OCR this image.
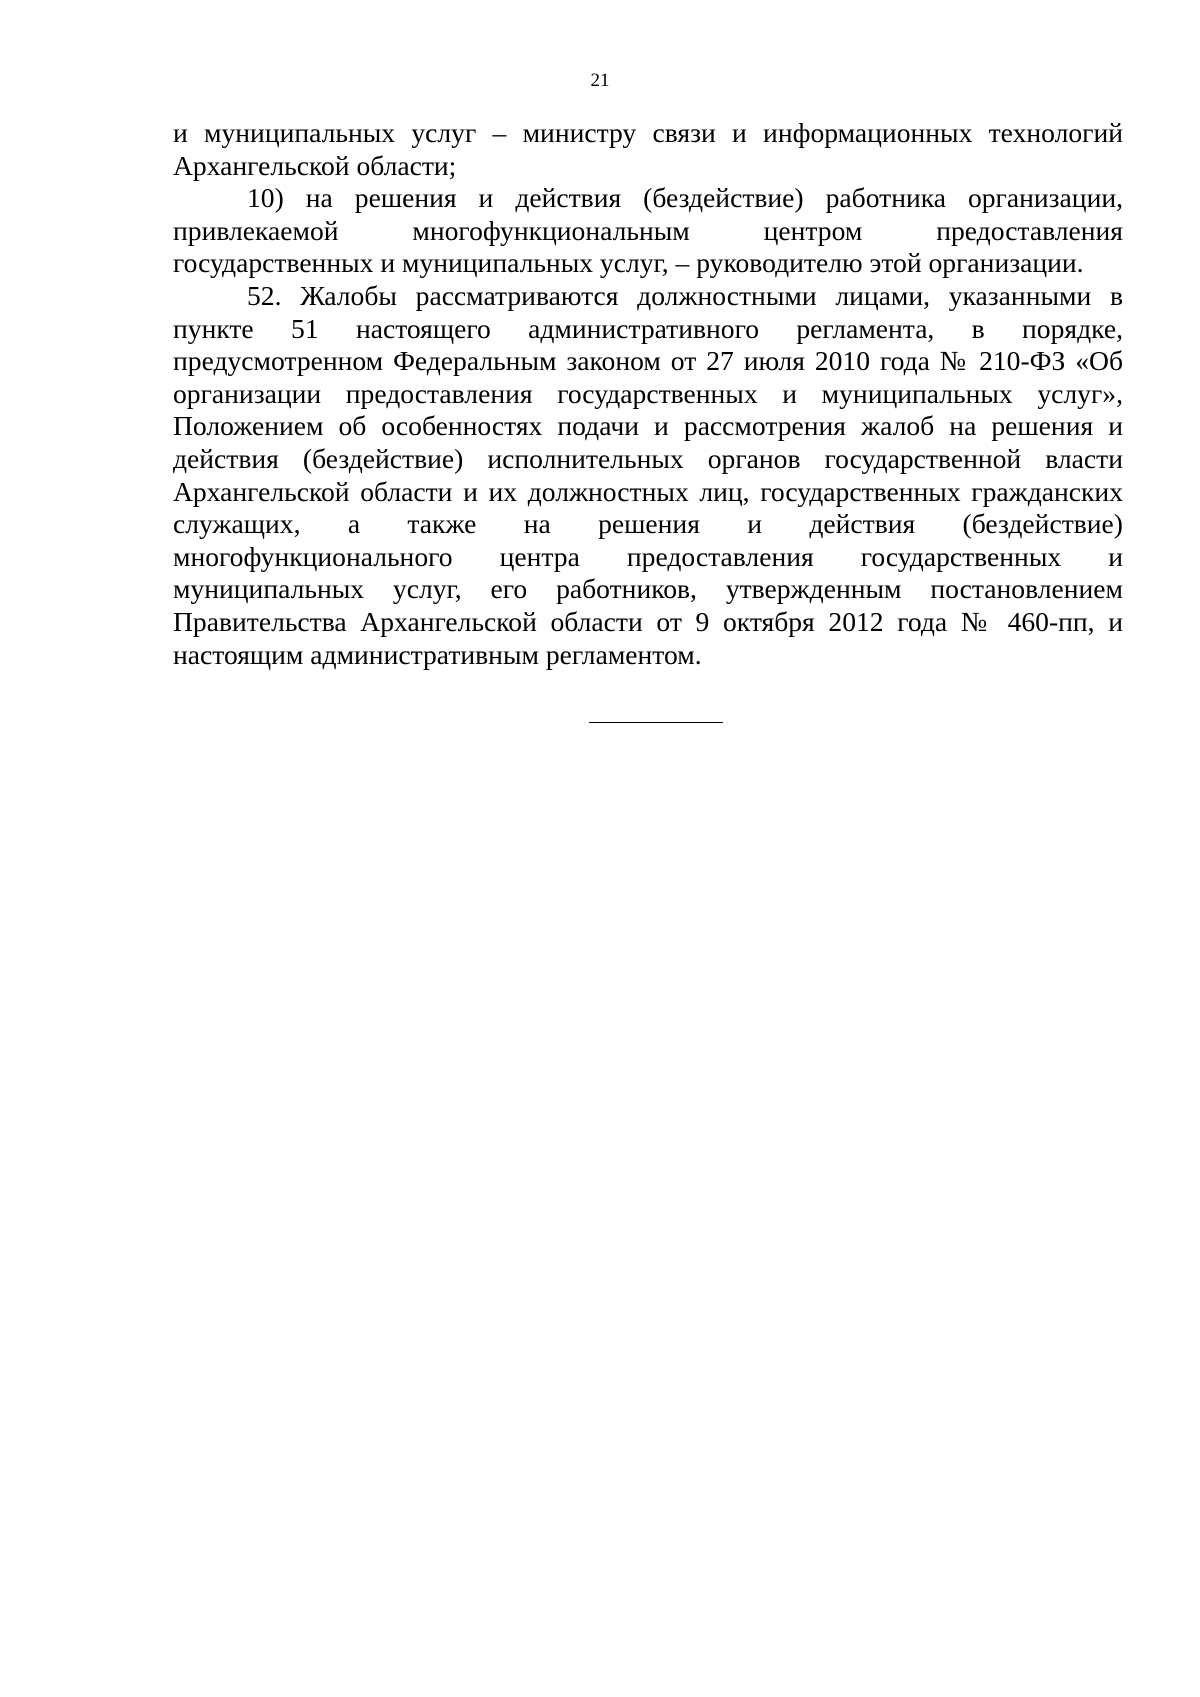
21

и муниципальных услуг – министру связи и информационных технологий Архангельской области;

10) на решения и действия (бездействие) работника организации, привлекаемой многофункциональным центром предоставления государственных и муниципальных услуг, – руководителю этой организации.

52. Жалобы рассматриваются должностными лицами, указанными в пункте 51 настоящего административного регламента, в порядке, предусмотренном Федеральным законом от 27 июля 2010 года № 210-ФЗ «Об организации предоставления государственных и муниципальных услуг», Положением об особенностях подачи и рассмотрения жалоб на решения и действия (бездействие) исполнительных органов государственной власти Архангельской области и их должностных лиц, государственных гражданских служащих, а также на решения и действия (бездействие) многофункционального центра предоставления государственных и муниципальных услуг, его работников, утвержденным постановлением Правительства Архангельской области от 9 октября 2012 года № 460-пп, и настоящим административным регламентом.
